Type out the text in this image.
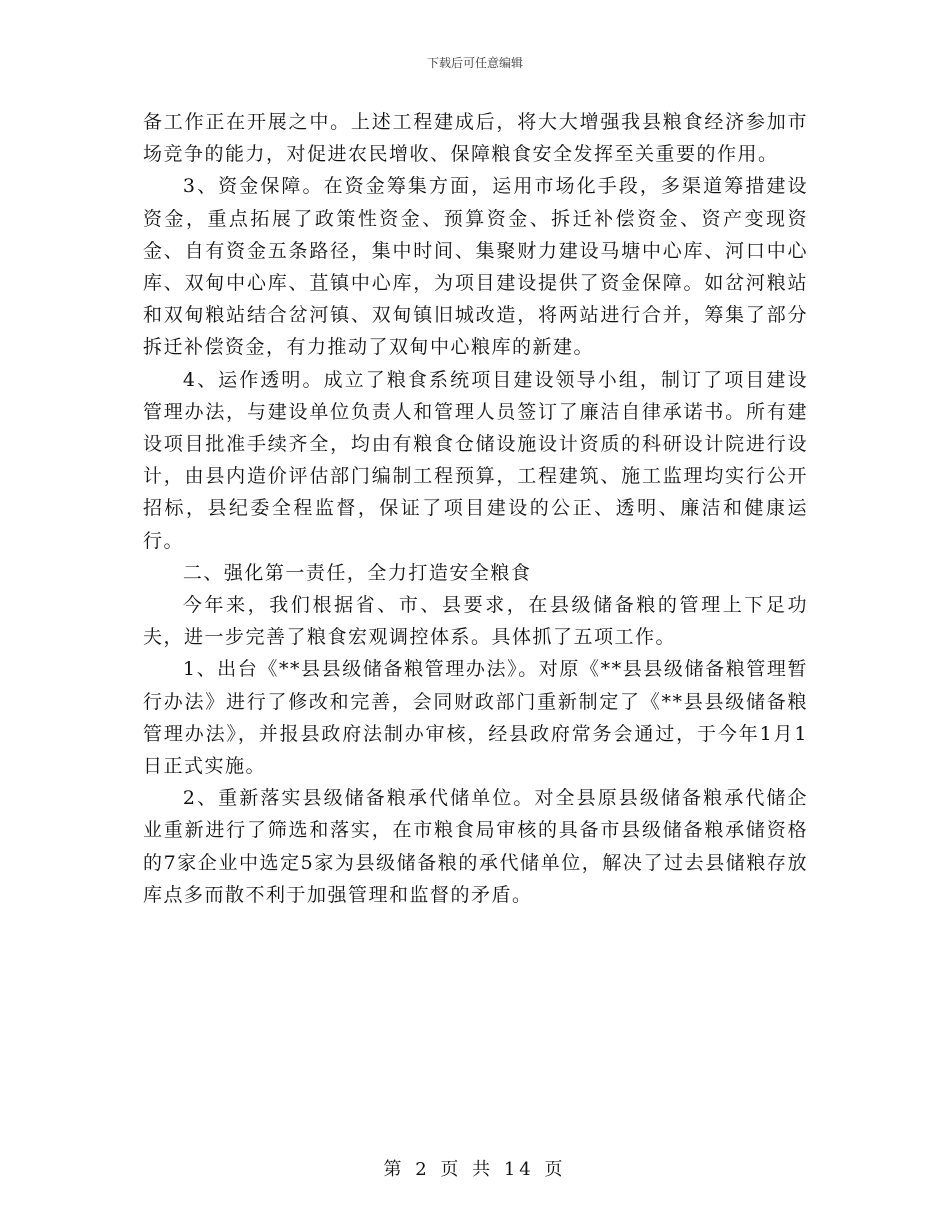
下载后可任意编辑

备工作正在开展之中。上述工程建成后，将大大增强我县粮食经济参加市场竞争的能力，对促进农民增收、保障粮食安全发挥至关重要的作用。

3、资金保障。在资金筹集方面，运用市场化手段，多渠道筹措建设资金，重点拓展了政策性资金、预算资金、拆迁补偿资金、资产变现资金、自有资金五条路径，集中时间、集聚财力建设马塘中心库、河口中心库、双甸中心库、苴镇中心库，为项目建设提供了资金保障。如岔河粮站和双甸粮站结合岔河镇、双甸镇旧城改造，将两站进行合并，筹集了部分拆迁补偿资金，有力推动了双甸中心粮库的新建。

4、运作透明。成立了粮食系统项目建设领导小组，制订了项目建设管理办法，与建设单位负责人和管理人员签订了廉洁自律承诺书。所有建设项目批准手续齐全，均由有粮食仓储设施设计资质的科研设计院进行设计，由县内造价评估部门编制工程预算，工程建筑、施工监理均实行公开招标，县纪委全程监督，保证了项目建设的公正、透明、廉洁和健康运行。

二、强化第一责任，全力打造安全粮食

今年来，我们根据省、市、县要求，在县级储备粮的管理上下足功夫，进一步完善了粮食宏观调控体系。具体抓了五项工作。

1、出台《**县县级储备粮管理办法》。对原《**县县级储备粮管理暂行办法》进行了修改和完善，会同财政部门重新制定了《**县县级储备粮管理办法》，并报县政府法制办审核，经县政府常务会通过，于今年1月1 日正式实施。

2、重新落实县级储备粮承代储单位。对全县原县级储备粮承代储企业重新进行了筛选和落实，在市粮食局审核的具备市县级储备粮承储资格的7家企业中选定5家为县级储备粮的承代储单位，解决了过去县储粮存放库点多而散不利于加强管理和监督的矛盾。

第 2 页 共 14 页
